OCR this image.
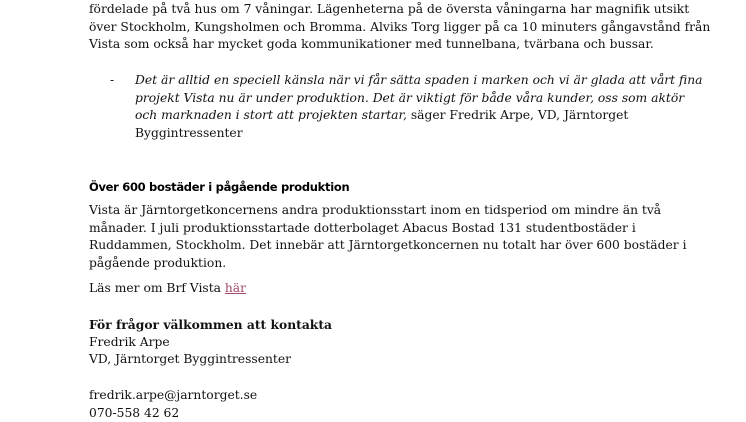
fördelade på två hus om 7 våningar. Lägenheterna på de översta våningarna har magnifik utsikt
över Stockholm, Kungsholmen och Bromma. Alviks Torg ligger på ca 10 minuters gångavstånd från
Vista som också har mycket goda kommunikationer med tunnelbana, tvärbana och bussar.
- Det är alltid en speciell känsla när vi får sätta spaden i marken och vi är glada att vårt fina
projekt Vista nu är under produktion. Det är viktigt för både våra kunder, oss som aktör
och marknaden i stort att projekten startar, säger Fredrik Arpe, VD, Järntorget
Byggintressenter
Över 600 bostäder i pågående produktion
Vista är Järntorgetkoncernens andra produktionsstart inom en tidsperiod om mindre än två
månader. I juli produktionsstartade dotterbolaget Abacus Bostad 131 studentbostäder i
Ruddammen, Stockholm. Det innebär att Järntorgetkoncernen nu totalt har över 600 bostäder i
pågående produktion.
Läs mer om Brf Vista här
För frågor välkommen att kontakta
Fredrik Arpe
VD, Järntorget Byggintressenter
fredrik.arpe@jarntorget.se
070-558 42 62
